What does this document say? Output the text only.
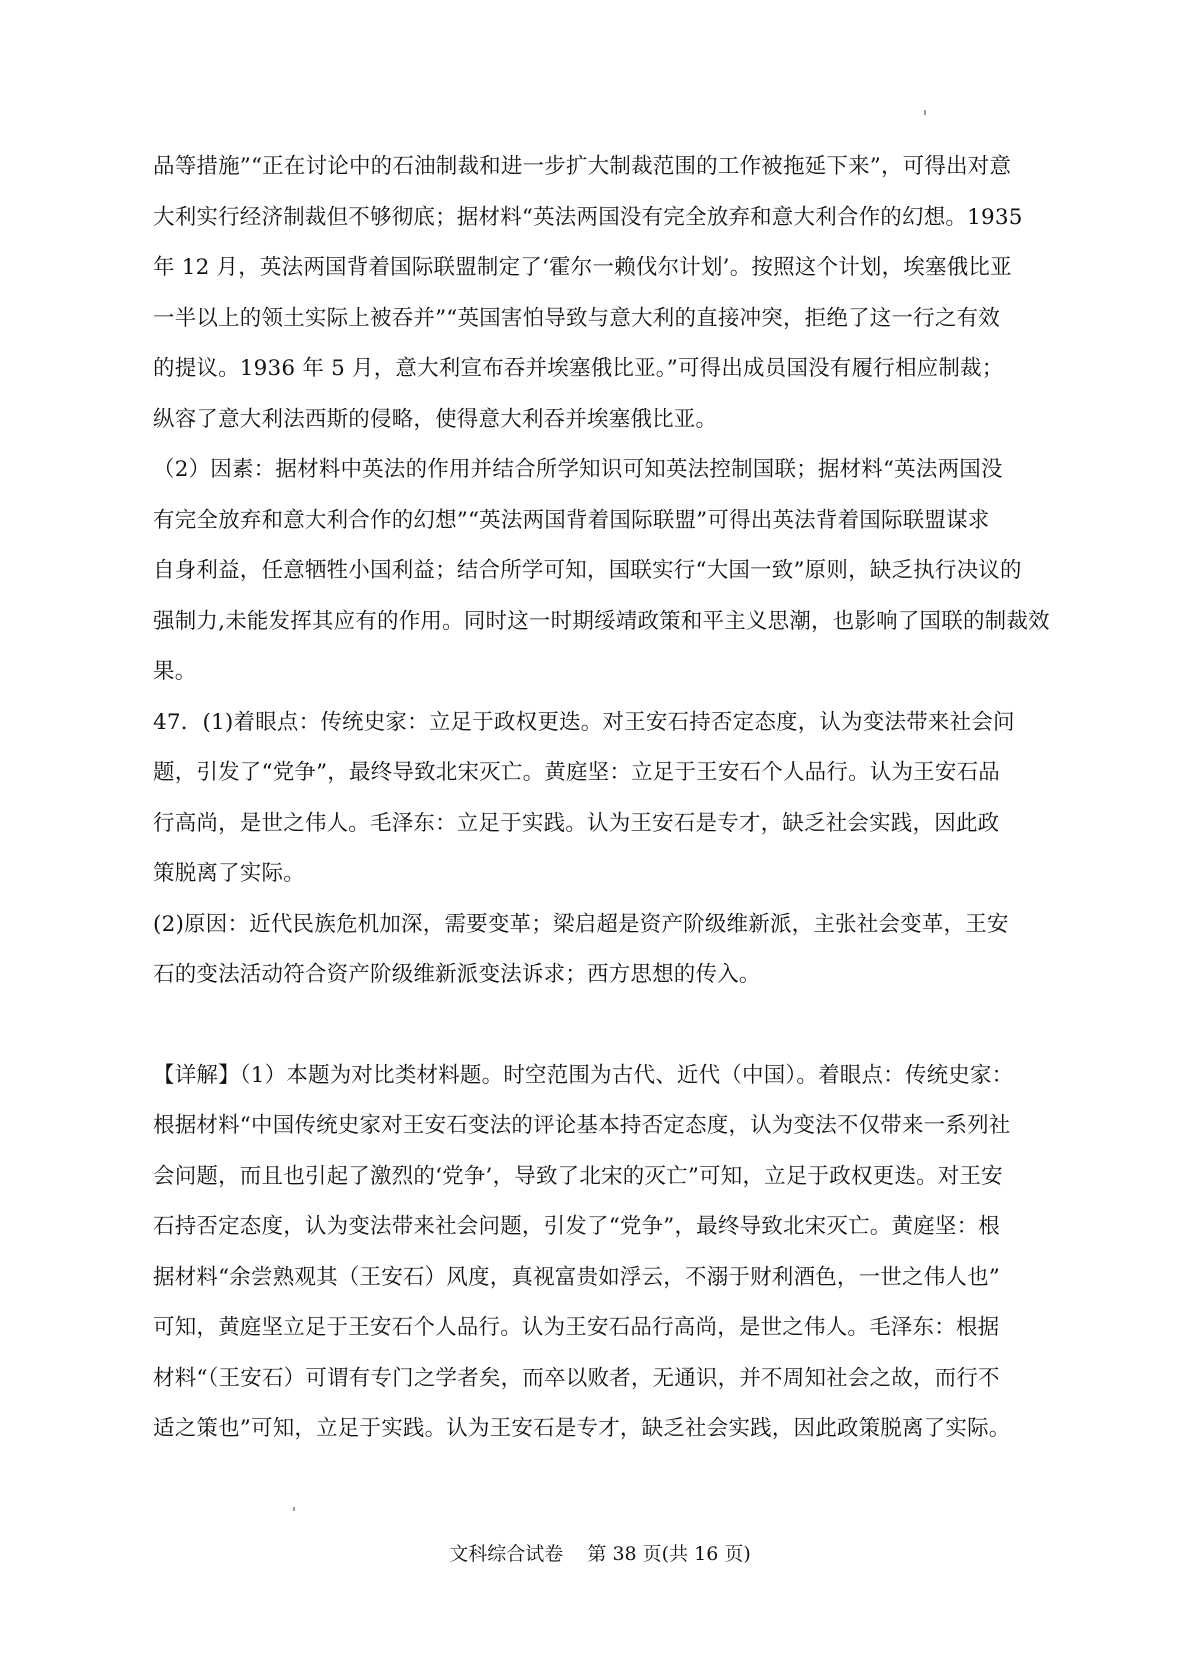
品等措施”“正在讨论中的石油制裁和进一步扩大制裁范围的工作被拖延下来”，可得出对意
大利实行经济制裁但不够彻底；据材料“英法两国没有完全放弃和意大利合作的幻想。1935
年 12 月，英法两国背着国际联盟制定了‘霍尔一赖伐尔计划’。按照这个计划，埃塞俄比亚
一半以上的领土实际上被吞并”“英国害怕导致与意大利的直接冲突，拒绝了这一行之有效
的提议。1936 年 5 月，意大利宣布吞并埃塞俄比亚。”可得出成员国没有履行相应制裁；
纵容了意大利法西斯的侵略，使得意大利吞并埃塞俄比亚。
（2）因素：据材料中英法的作用并结合所学知识可知英法控制国联；据材料“英法两国没
有完全放弃和意大利合作的幻想”“英法两国背着国际联盟”可得出英法背着国际联盟谋求
自身利益，任意牺牲小国利益；结合所学可知，国联实行“大国一致”原则，缺乏执行决议的
强制力,未能发挥其应有的作用。同时这一时期绥靖政策和平主义思潮，也影响了国联的制裁效
果。
47．(1)着眼点：传统史家：立足于政权更迭。对王安石持否定态度，认为变法带来社会问
题，引发了“党争”，最终导致北宋灭亡。黄庭坚：立足于王安石个人品行。认为王安石品
行高尚，是世之伟人。毛泽东：立足于实践。认为王安石是专才，缺乏社会实践，因此政
策脱离了实际。
(2)原因：近代民族危机加深，需要变革；梁启超是资产阶级维新派，主张社会变革，王安
石的变法活动符合资产阶级维新派变法诉求；西方思想的传入。
【详解】（1）本题为对比类材料题。时空范围为古代、近代（中国）。着眼点：传统史家：
根据材料“中国传统史家对王安石变法的评论基本持否定态度，认为变法不仅带来一系列社
会问题，而且也引起了激烈的‘党争’，导致了北宋的灭亡”可知，立足于政权更迭。对王安
石持否定态度，认为变法带来社会问题，引发了“党争”，最终导致北宋灭亡。黄庭坚：根
据材料“余尝熟观其（王安石）风度，真视富贵如浮云，不溺于财利酒色，一世之伟人也”
可知，黄庭坚立足于王安石个人品行。认为王安石品行高尚，是世之伟人。毛泽东：根据
材料“（王安石）可谓有专门之学者矣，而卒以败者，无通识，并不周知社会之故，而行不
适之策也”可知，立足于实践。认为王安石是专才，缺乏社会实践，因此政策脱离了实际。
文科综合试卷    第 38 页(共 16 页)
